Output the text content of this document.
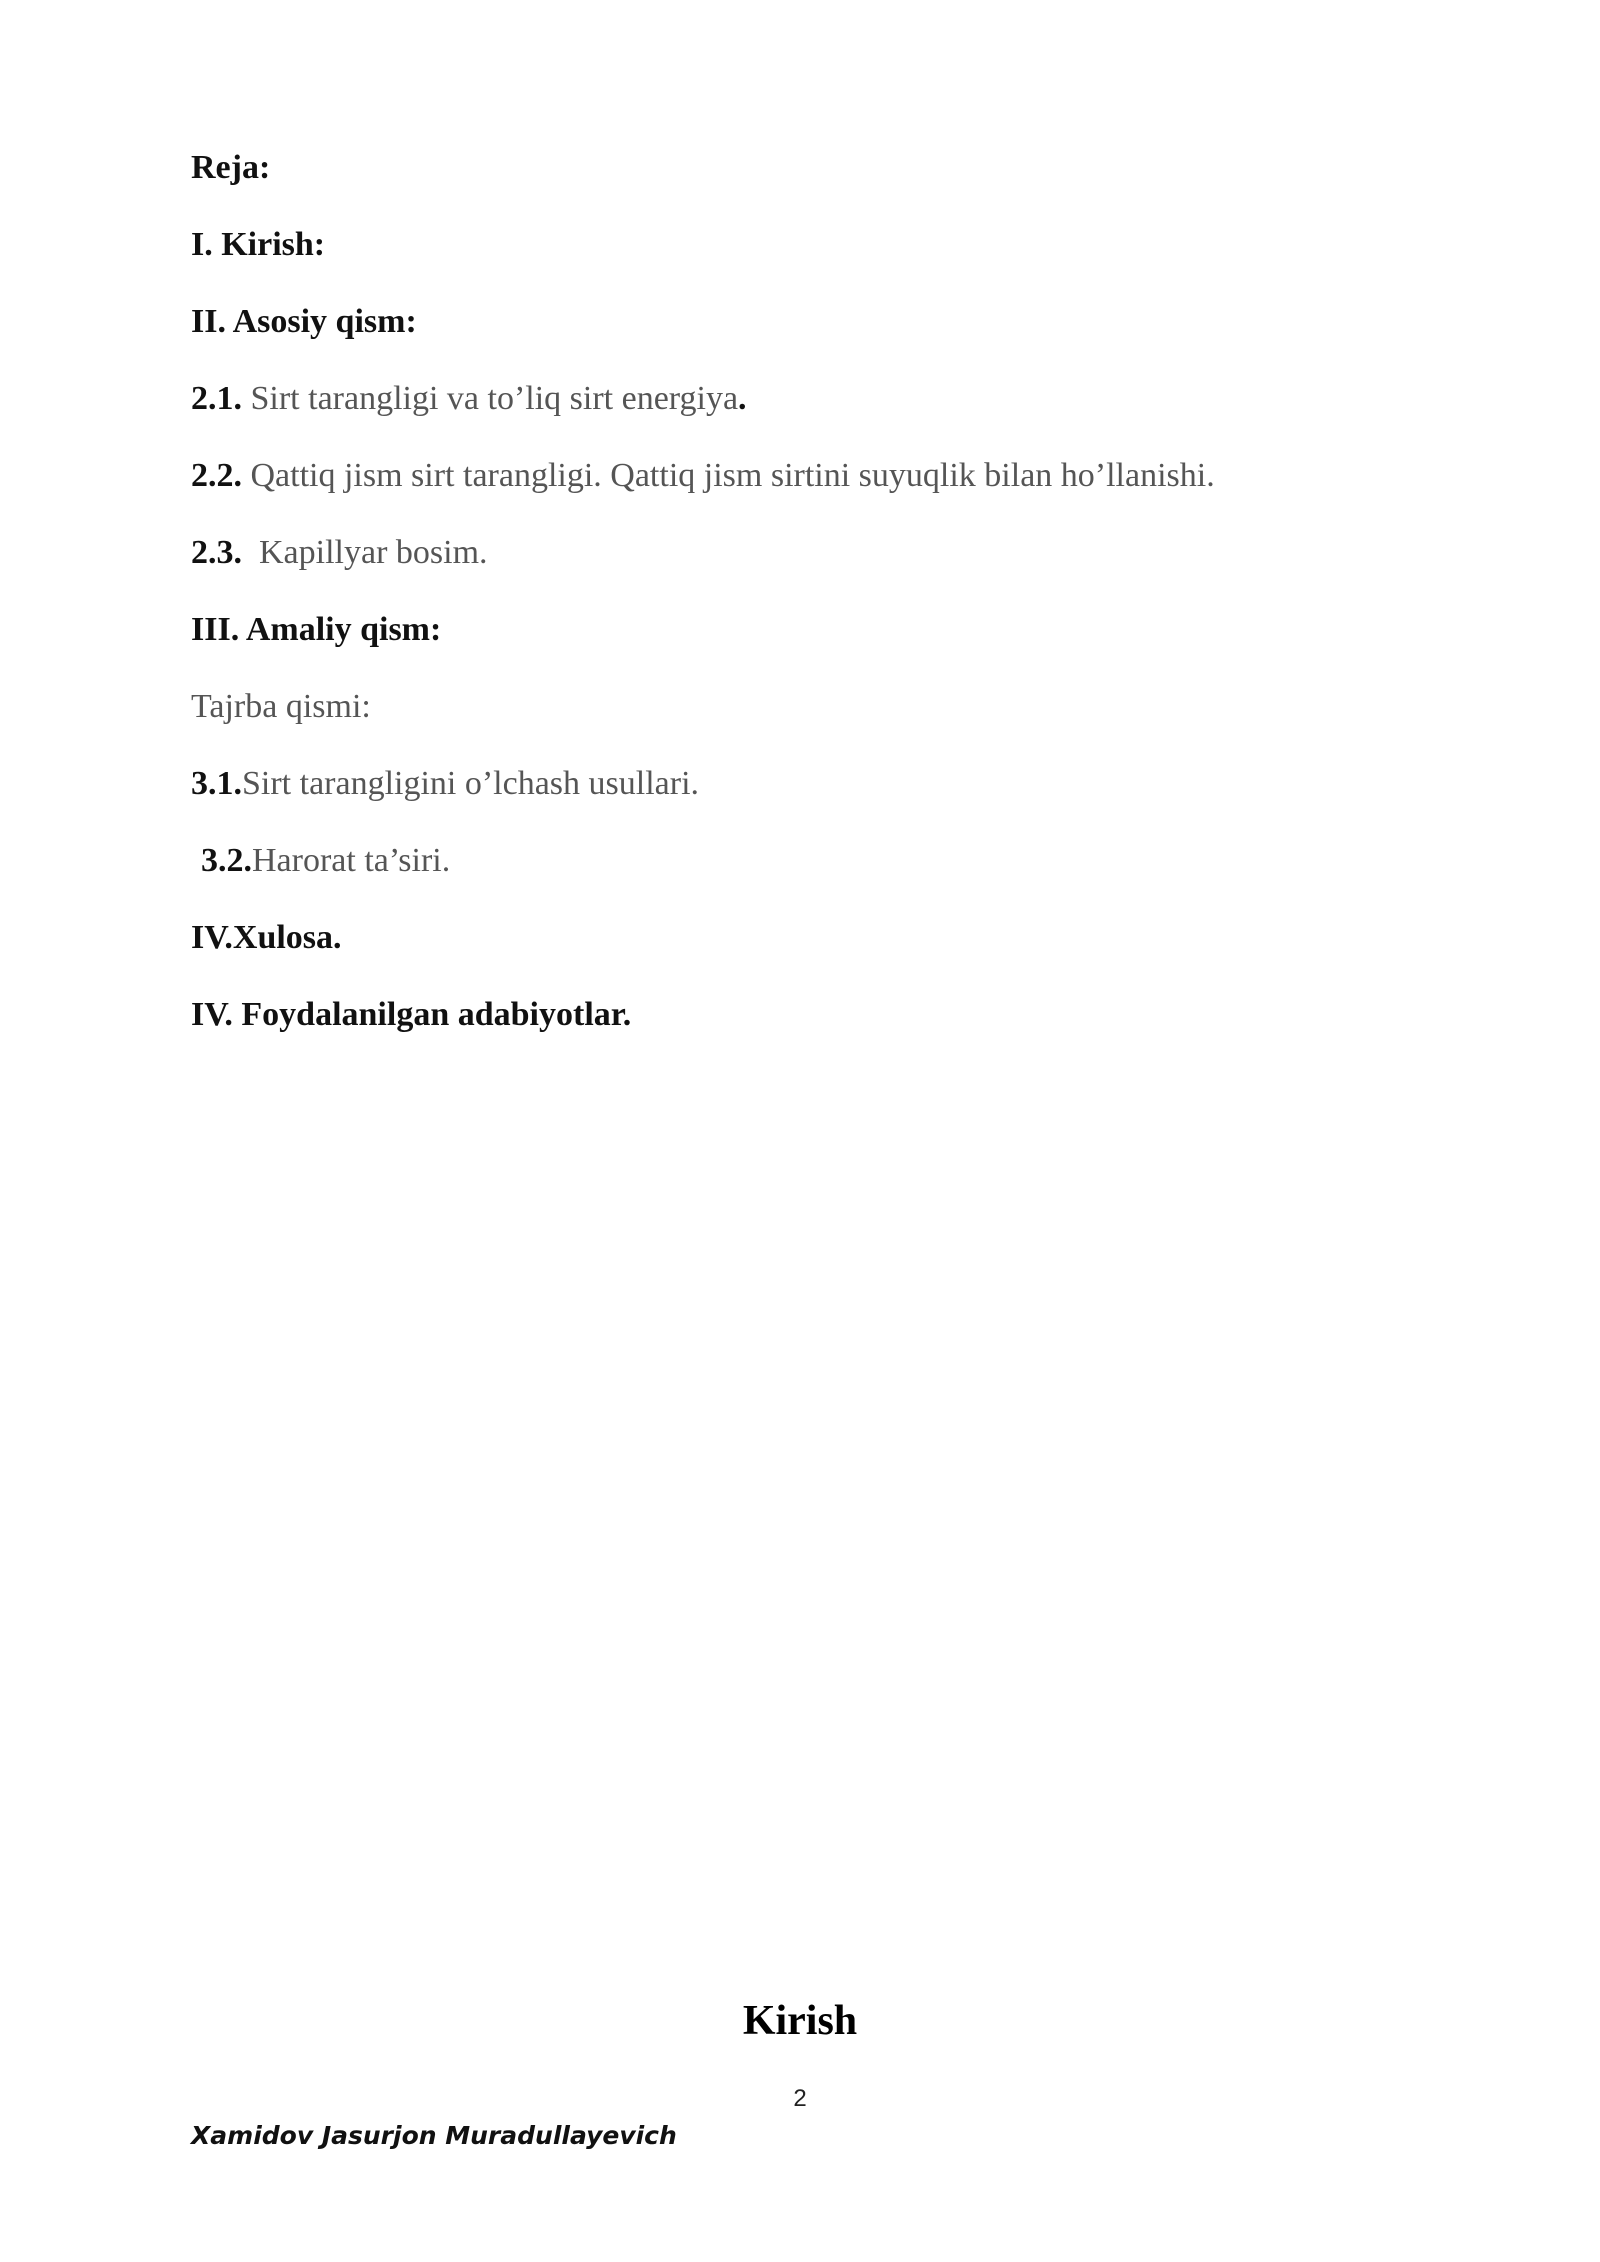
Reja:
I. Kirish:
II. Asosiy qism:
2.1. Sirt tarangligi va to’liq sirt energiya.
2.2. Qattiq jism sirt tarangligi. Qattiq jism sirtini suyuqlik bilan ho’llanishi.
2.3.  Kapillyar bosim.
III. Amaliy qism:
Tajrba qismi:
3.1.Sirt tarangligini o’lchash usullari.
3.2.Harorat ta’siri.
IV.Xulosa.
IV. Foydalanilgan adabiyotlar.
Kirish
2
Xamidov Jasurjon Muradullayevich
